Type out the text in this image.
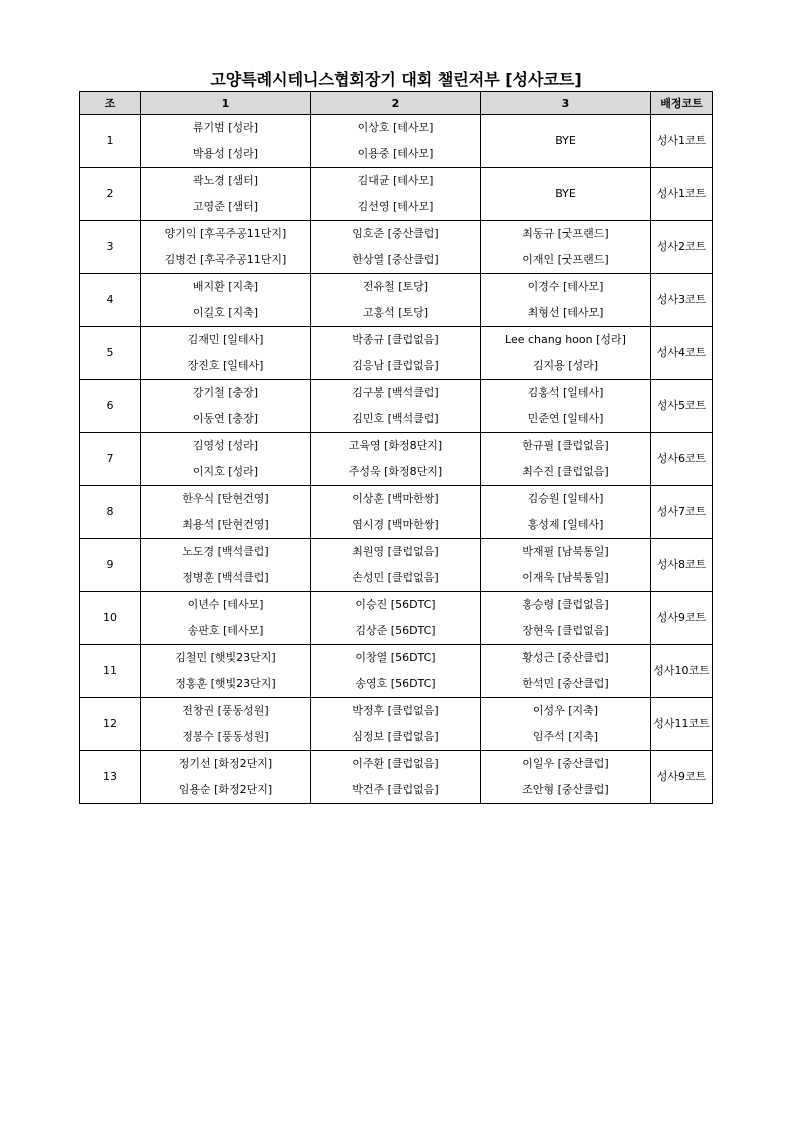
고양특례시테니스협회장기 대회 챌린저부 [성사코트]
조	1	2	3	배정코트
1	류기범 [성라]	이상호 [테사모]	BYE	성사1코트
	박용성 [성라]	이용중 [테사모]		
2	곽노경 [샘터]	김대균 [테사모]	BYE	성사1코트
	고영준 [샘터]	김선영 [테사모]		
3	양기익 [후곡주공11단지]	임호준 [중산클럽]	최동규 [굿프랜드]	성사2코트
	김병건 [후곡주공11단지]	한상열 [중산클럽]	이재인 [굿프랜드]	
4	배지환 [지축]	전유철 [토당]	이경수 [테사모]	성사3코트
	이길호 [지축]	고홍석 [토당]	최형선 [테사모]	
5	김재민 [일테사]	박종규 [클럽없음]	Lee chang hoon [성라]	성사4코트
	장진호 [일테사]	김응남 [클럽없음]	김지용 [성라]	
6	강기철 [충장]	김구봉 [백석클럽]	김홍석 [일테사]	성사5코트
	이동연 [충장]	김민호 [백석클럽]	민준연 [일테사]	
7	김영성 [성라]	고육영 [화정8단지]	한규필 [클럽없음]	성사6코트
	이지호 [성라]	주성욱 [화정8단지]	최수진 [클럽없음]	
8	한우식 [탄현건영]	이상훈 [백마한쌍]	김승원 [일테사]	성사7코트
	최용석 [탄현건영]	염시경 [백마한쌍]	홍성제 [일테사]	
9	노도경 [백석클럽]	최원영 [클럽없음]	박재필 [남북통일]	성사8코트
	정병훈 [백석클럽]	손성민 [클럽없음]	이재욱 [남북통일]	
10	이년수 [테사모]	이승진 [56DTC]	홍승령 [클럽없음]	성사9코트
	송판호 [테사모]	김상준 [56DTC]	장현욱 [클럽없음]	
11	김철민 [햇빛23단지]	이창열 [56DTC]	황성근 [중산클럽]	성사10코트
	정홍훈 [햇빛23단지]	송영호 [56DTC]	한석민 [중산클럽]	
12	전창권 [풍동성원]	박정후 [클럽없음]	이성우 [지축]	성사11코트
	정봉수 [풍동성원]	심정보 [클럽없음]	임주석 [지축]	
13	정기선 [화정2단지]	이주환 [클럽없음]	이일우 [중산클럽]	성사9코트
	임용순 [화정2단지]	박건주 [클럽없음]	조안형 [중산클럽]	
